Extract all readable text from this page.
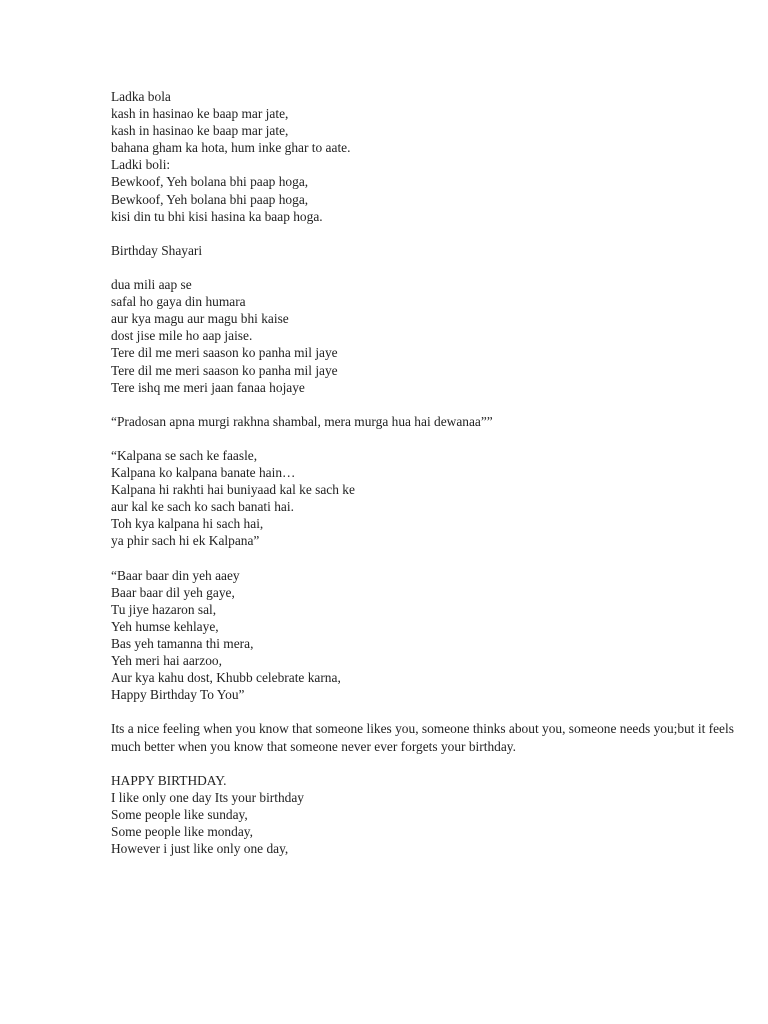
Ladka bola
kash in hasinao ke baap mar jate,
kash in hasinao ke baap mar jate,
bahana gham ka hota, hum inke ghar to aate.
Ladki boli:
Bewkoof, Yeh bolana bhi paap hoga,
Bewkoof, Yeh bolana bhi paap hoga,
kisi din tu bhi kisi hasina ka baap hoga.
Birthday Shayari
dua mili aap se
safal ho gaya din humara
aur kya magu aur magu bhi kaise
dost jise mile ho aap jaise.
Tere dil me meri saason ko panha mil jaye
Tere dil me meri saason ko panha mil jaye
Tere ishq me meri jaan fanaa hojaye
“Pradosan apna murgi rakhna shambal, mera murga hua hai dewanaa””
“Kalpana se sach ke faasle,
Kalpana ko kalpana banate hain…
Kalpana hi rakhti hai buniyaad kal ke sach ke
aur kal ke sach ko sach banati hai.
Toh kya kalpana hi sach hai,
ya phir sach hi ek Kalpana”
“Baar baar din yeh aaey
Baar baar dil yeh gaye,
Tu jiye hazaron sal,
Yeh humse kehlaye,
Bas yeh tamanna thi mera,
Yeh meri hai aarzoo,
Aur kya kahu dost, Khubb celebrate karna,
Happy Birthday To You”
Its a nice feeling when you know that someone likes you, someone thinks about you, someone needs you;but it feels much better when you know that someone never ever forgets your birthday.
HAPPY BIRTHDAY.
I like only one day Its your birthday
Some people like sunday,
Some people like monday,
However i just like only one day,
